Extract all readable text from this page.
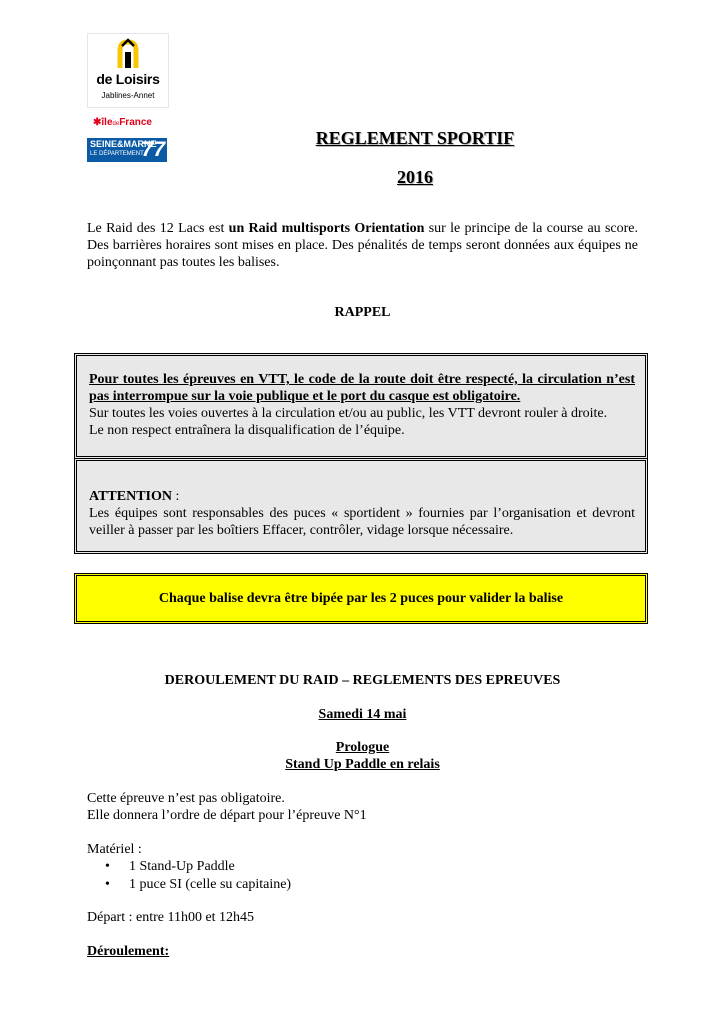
de Loisirs
Jablines-Annet
✱îledeFrance
SEINE&MARNE
LE DÉPARTEMENT
77	REGLEMENT SPORTIF
2016
Le Raid des 12 Lacs est un Raid multisports Orientation sur le principe de la course au score. Des barrières horaires sont mises en place. Des pénalités de temps seront données aux équipes ne poinçonnant pas toutes les balises.
RAPPEL
Pour toutes les épreuves en VTT, le code de la route doit être respecté, la circulation n’est pas interrompue sur la voie publique et le port du casque est obligatoire.
Sur toutes les voies ouvertes à la circulation et/ou au public, les VTT devront rouler à droite.
Le non respect entraînera la disqualification de l’équipe.
ATTENTION :
Les équipes sont responsables des puces « sportident » fournies par l’organisation et devront veiller à passer par les boîtiers Effacer, contrôler, vidage lorsque nécessaire.
Chaque balise devra être bipée par les 2 puces pour valider la balise
DEROULEMENT DU RAID – REGLEMENTS DES EPREUVES
Samedi 14 mai
Prologue
Stand Up Paddle en relais
Cette épreuve n’est pas obligatoire.
Elle donnera l’ordre de départ pour l’épreuve N°1
Matériel :
• 1 Stand-Up Paddle
• 1 puce SI (celle su capitaine)
Départ : entre 11h00 et 12h45
Déroulement:
